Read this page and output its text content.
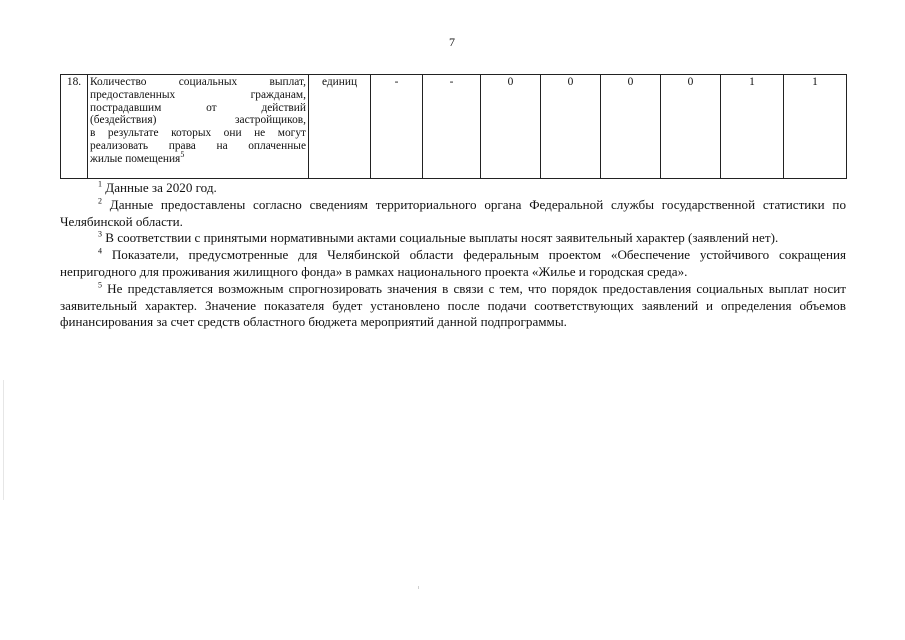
7
18.	Количество социальных выплат,
предоставленных гражданам,
пострадавшим от действий
(бездействия) застройщиков,
в результате которых они не могут
реализовать права на оплаченные
жилые помещения$^5$
	единиц	-	-	0	0	0	0	1	1

$^1$ Данные за 2020 год.

$^2$ Данные предоставлены согласно сведениям территориального органа Федеральной службы государственной статистики по Челябинской области.

$^3$ В соответствии с принятыми нормативными актами социальные выплаты носят заявительный характер (заявлений нет).

$^4$ Показатели, предусмотренные для Челябинской области федеральным проектом «Обеспечение устойчивого сокращения непригодного для проживания жилищного фонда» в рамках национального проекта «Жилье и городская среда».

$^5$ Не представляется возможным спрогнозировать значения в связи с тем, что порядок предоставления социальных выплат носит заявительный характер. Значение показателя будет установлено после подачи соответствующих заявлений и определения объемов финансирования за счет средств областного бюджета мероприятий данной подпрограммы.
